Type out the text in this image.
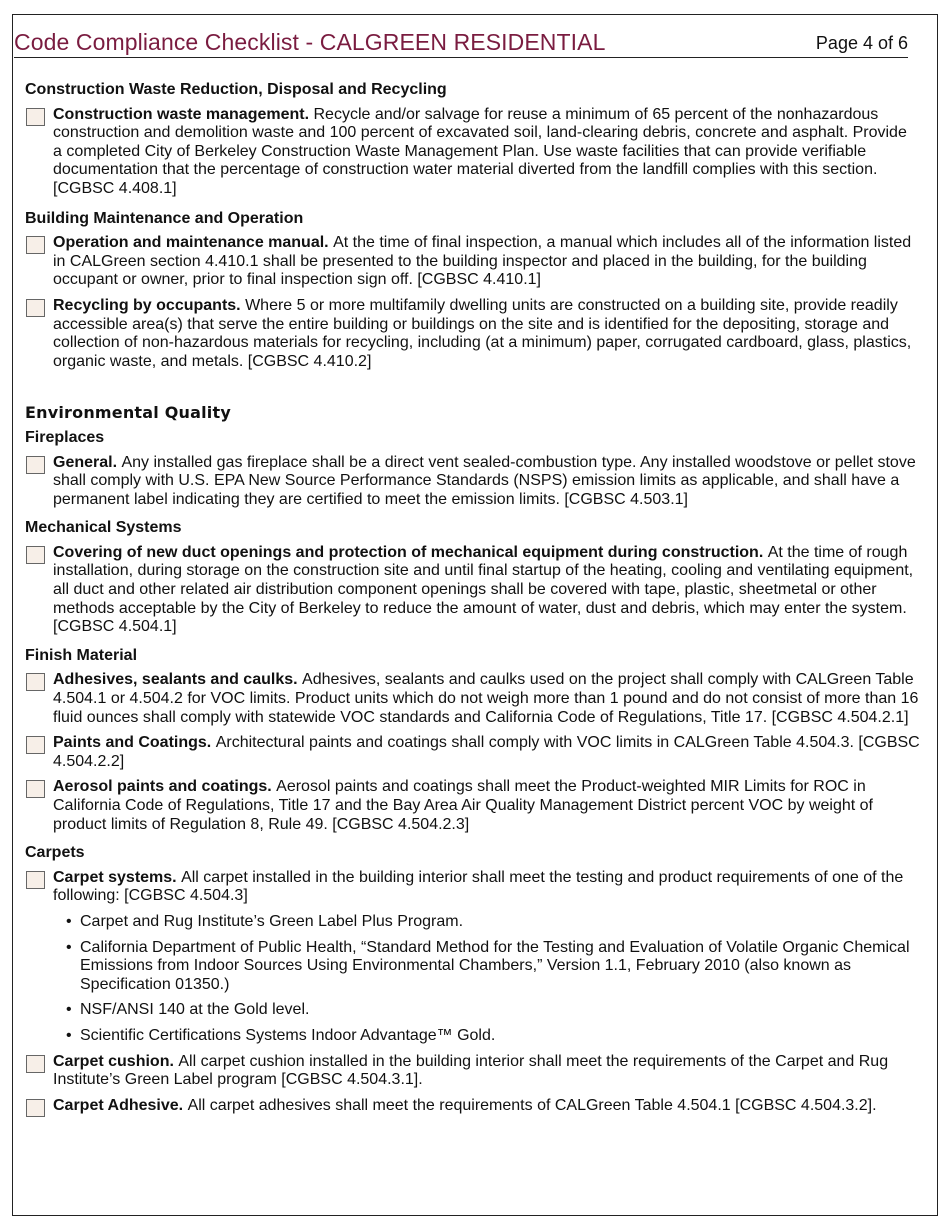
Code Compliance Checklist - CALGREEN RESIDENTIAL	Page 4 of 6
Construction Waste Reduction, Disposal and Recycling
Construction waste management. Recycle and/or salvage for reuse a minimum of 65 percent of the nonhazardous construction and demolition waste and 100 percent of excavated soil, land-clearing debris, concrete and asphalt. Provide a completed City of Berkeley Construction Waste Management Plan. Use waste facilities that can provide verifiable documentation that the percentage of construction water material diverted from the landfill complies with this section. [CGBSC 4.408.1]
Building Maintenance and Operation
Operation and maintenance manual. At the time of final inspection, a manual which includes all of the information listed in CALGreen section 4.410.1 shall be presented to the building inspector and placed in the building, for the building occupant or owner, prior to final inspection sign off. [CGBSC 4.410.1]
Recycling by occupants. Where 5 or more multifamily dwelling units are constructed on a building site, provide readily accessible area(s) that serve the entire building or buildings on the site and is identified for the depositing, storage and collection of non-hazardous materials for recycling, including (at a minimum) paper, corrugated cardboard, glass, plastics, organic waste, and metals. [CGBSC 4.410.2]
Environmental Quality
Fireplaces
General. Any installed gas fireplace shall be a direct vent sealed-combustion type. Any installed woodstove or pellet stove shall comply with U.S. EPA New Source Performance Standards (NSPS) emission limits as applicable, and shall have a permanent label indicating they are certified to meet the emission limits. [CGBSC 4.503.1]
Mechanical Systems
Covering of new duct openings and protection of mechanical equipment during construction. At the time of rough installation, during storage on the construction site and until final startup of the heating, cooling and ventilating equipment, all duct and other related air distribution component openings shall be covered with tape, plastic, sheetmetal or other methods acceptable by the City of Berkeley to reduce the amount of water, dust and debris, which may enter the system. [CGBSC 4.504.1]
Finish Material
Adhesives, sealants and caulks. Adhesives, sealants and caulks used on the project shall comply with CALGreen Table 4.504.1 or 4.504.2 for VOC limits. Product units which do not weigh more than 1 pound and do not consist of more than 16 fluid ounces shall comply with statewide VOC standards and California Code of Regulations, Title 17. [CGBSC 4.504.2.1]
Paints and Coatings. Architectural paints and coatings shall comply with VOC limits in CALGreen Table 4.504.3. [CGBSC 4.504.2.2]
Aerosol paints and coatings. Aerosol paints and coatings shall meet the Product-weighted MIR Limits for ROC in California Code of Regulations, Title 17 and the Bay Area Air Quality Management District percent VOC by weight of product limits of Regulation 8, Rule 49. [CGBSC 4.504.2.3]
Carpets
Carpet systems. All carpet installed in the building interior shall meet the testing and product requirements of one of the following: [CGBSC 4.504.3]
• Carpet and Rug Institute’s Green Label Plus Program.
• California Department of Public Health, “Standard Method for the Testing and Evaluation of Volatile Organic Chemical Emissions from Indoor Sources Using Environmental Chambers,” Version 1.1, February 2010 (also known as Specification 01350.)
• NSF/ANSI 140 at the Gold level.
• Scientific Certifications Systems Indoor Advantage™ Gold.
Carpet cushion. All carpet cushion installed in the building interior shall meet the requirements of the Carpet and Rug Institute’s Green Label program [CGBSC 4.504.3.1].
Carpet Adhesive. All carpet adhesives shall meet the requirements of CALGreen Table 4.504.1 [CGBSC 4.504.3.2].
